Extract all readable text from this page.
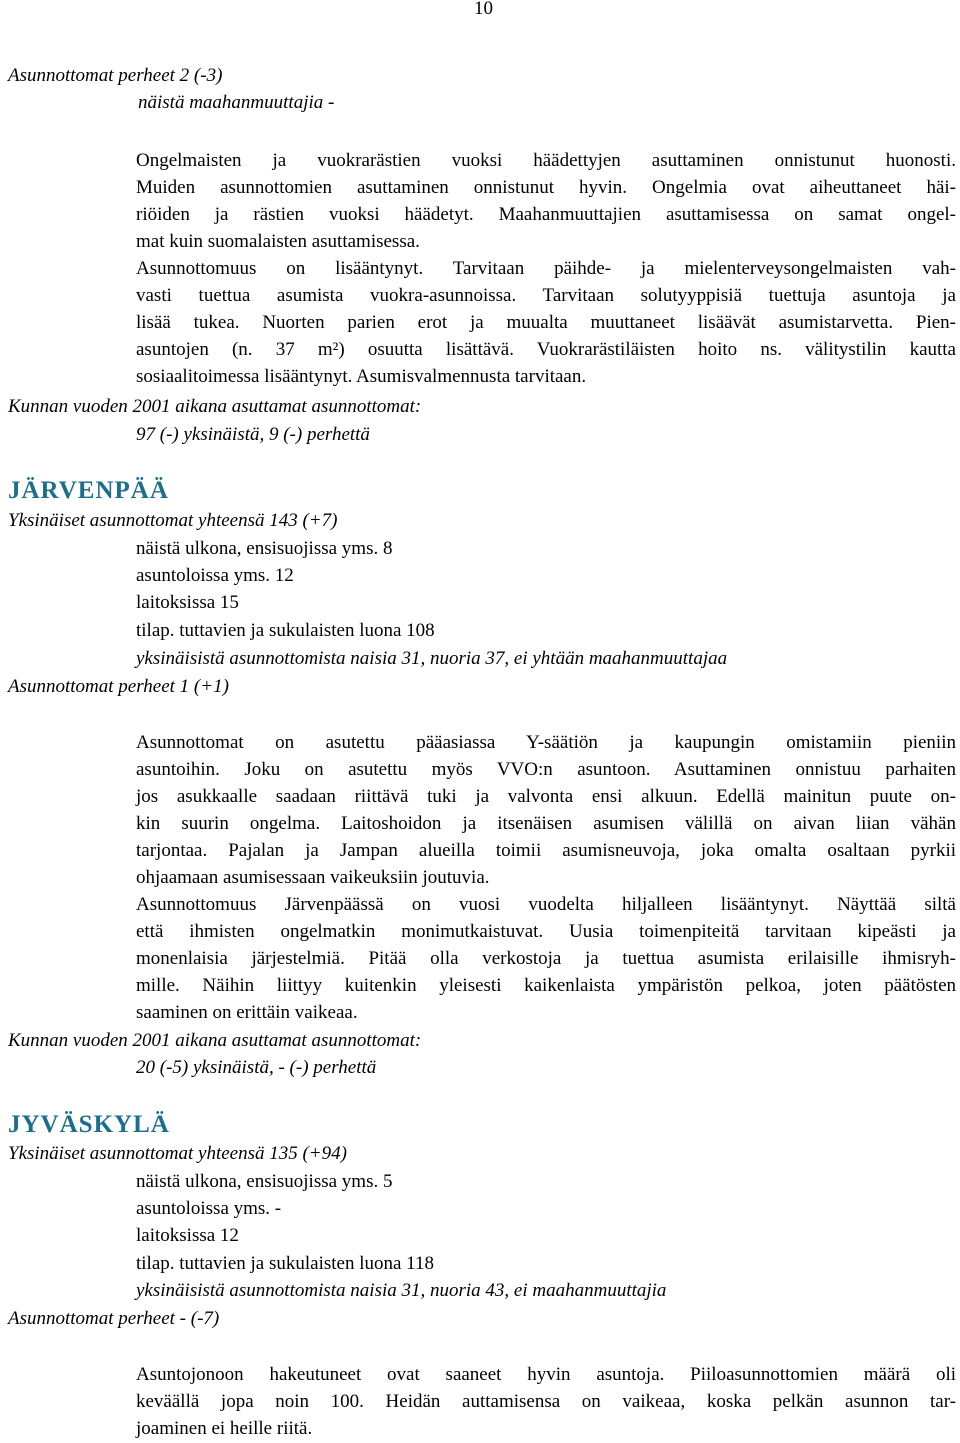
10
Asunnottomat perheet 2 (-3)
näistä maahanmuuttajia -
Ongelmaisten ja vuokrarästien vuoksi häädettyjen asuttaminen onnistunut huonosti.
Muiden asunnottomien asuttaminen onnistunut hyvin. Ongelmia ovat aiheuttaneet häi-
riöiden ja rästien vuoksi häädetyt. Maahanmuuttajien asuttamisessa on samat ongel-
mat kuin suomalaisten asuttamisessa.
Asunnottomuus on lisääntynyt. Tarvitaan päihde- ja mielenterveysongelmaisten vah-
vasti tuettua asumista vuokra-asunnoissa. Tarvitaan solutyyppisiä tuettuja asuntoja ja
lisää tukea. Nuorten parien erot ja muualta muuttaneet lisäävät asumistarvetta. Pien-
asuntojen (n. 37 m²) osuutta lisättävä. Vuokrarästiläisten hoito ns. välitystilin kautta
sosiaalitoimessa lisääntynyt. Asumisvalmennusta tarvitaan.
Kunnan vuoden 2001 aikana asuttamat asunnottomat:
97 (-) yksinäistä, 9 (-) perhettä
JÄRVENPÄÄ
Yksinäiset asunnottomat yhteensä 143 (+7)
näistä ulkona, ensisuojissa yms. 8
asuntoloissa yms. 12
laitoksissa 15
tilap. tuttavien ja sukulaisten luona 108
yksinäisistä asunnottomista naisia 31, nuoria 37, ei yhtään maahanmuuttajaa
Asunnottomat perheet 1 (+1)
Asunnottomat on asutettu pääasiassa Y-säätiön ja kaupungin omistamiin pieniin
asuntoihin. Joku on asutettu myös VVO:n asuntoon. Asuttaminen onnistuu parhaiten
jos asukkaalle saadaan riittävä tuki ja valvonta ensi alkuun. Edellä mainitun puute on-
kin suurin ongelma. Laitoshoidon ja itsenäisen asumisen välillä on aivan liian vähän
tarjontaa. Pajalan ja Jampan alueilla toimii asumisneuvoja, joka omalta osaltaan pyrkii
ohjaamaan asumisessaan vaikeuksiin joutuvia.
Asunnottomuus Järvenpäässä on vuosi vuodelta hiljalleen lisääntynyt. Näyttää siltä
että ihmisten ongelmatkin monimutkaistuvat. Uusia toimenpiteitä tarvitaan kipeästi ja
monenlaisia järjestelmiä. Pitää olla verkostoja ja tuettua asumista erilaisille ihmisryh-
mille. Näihin liittyy kuitenkin yleisesti kaikenlaista ympäristön pelkoa, joten päätösten
saaminen on erittäin vaikeaa.
Kunnan vuoden 2001 aikana asuttamat asunnottomat:
20 (-5) yksinäistä, - (-) perhettä
JYVÄSKYLÄ
Yksinäiset asunnottomat yhteensä 135 (+94)
näistä ulkona, ensisuojissa yms. 5
asuntoloissa yms. -
laitoksissa 12
tilap. tuttavien ja sukulaisten luona 118
yksinäisistä asunnottomista naisia 31, nuoria 43, ei maahanmuuttajia
Asunnottomat perheet - (-7)
Asuntojonoon hakeutuneet ovat saaneet hyvin asuntoja. Piiloasunnottomien määrä oli
keväällä jopa noin 100. Heidän auttamisensa on vaikeaa, koska pelkän asunnon tar-
joaminen ei heille riitä.
